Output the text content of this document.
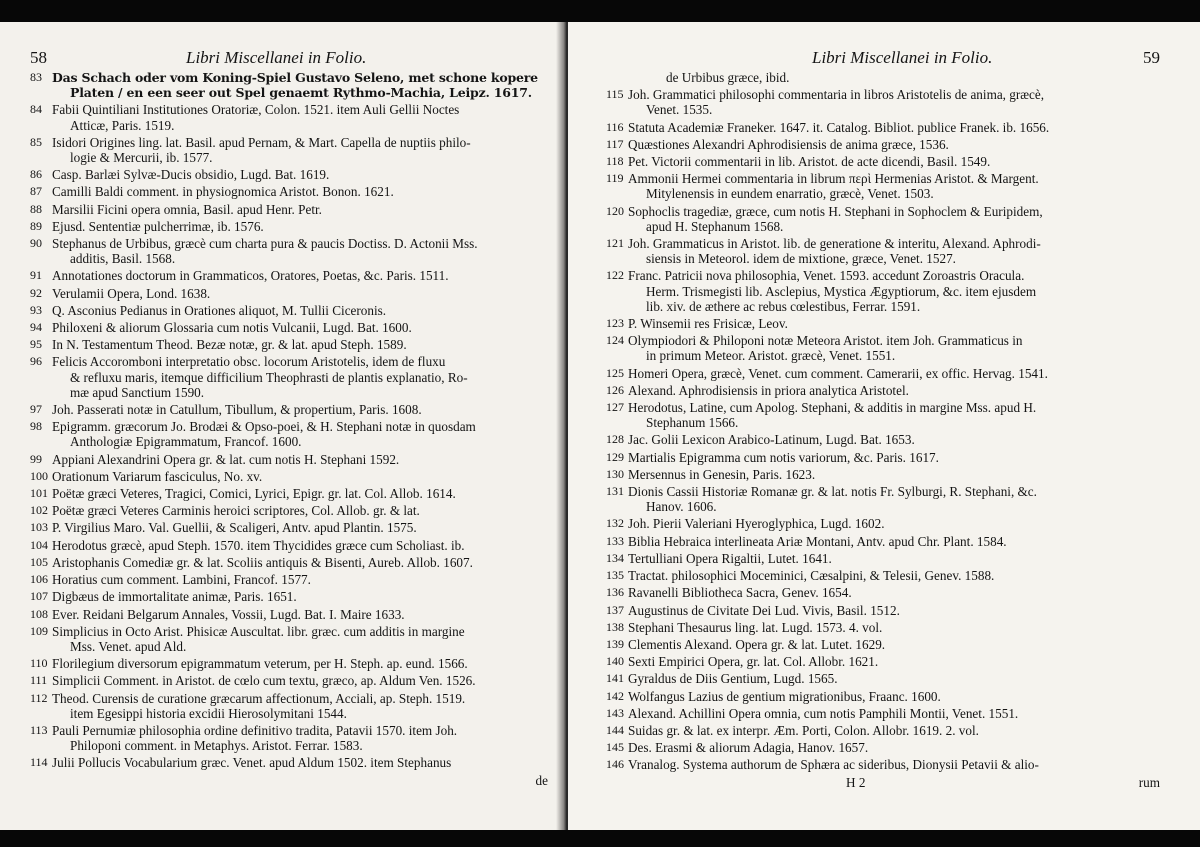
58	Libri Miscellanei in Folio.
83 Das Schach oder vom Koning-Spiel Gustavo Seleno, met schone kopere
Platen / en een seer out Spel genaemt Rythmo-Machia, Leipz. 1617.
84 Fabii Quintiliani Institutiones Oratoriæ, Colon. 1521. item Auli Gellii Noctes
Atticæ, Paris. 1519.
85 Isidori Origines ling. lat. Basil. apud Pernam, & Mart. Capella de nuptiis philo-
logie & Mercurii, ib. 1577.
86 Casp. Barlæi Sylvæ-Ducis obsidio, Lugd. Bat. 1619.
87 Camilli Baldi comment. in physiognomica Aristot. Bonon. 1621.
88 Marsilii Ficini opera omnia, Basil. apud Henr. Petr.
89 Ejusd. Sententiæ pulcherrimæ, ib. 1576.
90 Stephanus de Urbibus, græcè cum charta pura & paucis Doctiss. D. Actonii Mss.
additis, Basil. 1568.
91 Annotationes doctorum in Grammaticos, Oratores, Poetas, &c. Paris. 1511.
92 Verulamii Opera, Lond. 1638.
93 Q. Asconius Pedianus in Orationes aliquot, M. Tullii Ciceronis.
94 Philoxeni & aliorum Glossaria cum notis Vulcanii, Lugd. Bat. 1600.
95 In N. Testamentum Theod. Bezæ notæ, gr. & lat. apud Steph. 1589.
96 Felicis Accoromboni interpretatio obsc. locorum Aristotelis, idem de fluxu
& refluxu maris, itemque difficilium Theophrasti de plantis explanatio, Ro-
mæ apud Sanctium 1590.
97 Joh. Passerati notæ in Catullum, Tibullum, & propertium, Paris. 1608.
98 Epigramm. græcorum Jo. Brodæi & Opso-poei, & H. Stephani notæ in quosdam
Anthologiæ Epigrammatum, Francof. 1600.
99 Appiani Alexandrini Opera gr. & lat. cum notis H. Stephani 1592.
100 Orationum Variarum fasciculus, No. xv.
101 Poëtæ græci Veteres, Tragici, Comici, Lyrici, Epigr. gr. lat. Col. Allob. 1614.
102 Poëtæ græci Veteres Carminis heroici scriptores, Col. Allob. gr. & lat.
103 P. Virgilius Maro. Val. Guellii, & Scaligeri, Antv. apud Plantin. 1575.
104 Herodotus græcè, apud Steph. 1570. item Thycidides græce cum Scholiast. ib.
105 Aristophanis Comediæ gr. & lat. Scoliis antiquis & Bisenti, Aureb. Allob. 1607.
106 Horatius cum comment. Lambini, Francof. 1577.
107 Digbæus de immortalitate animæ, Paris. 1651.
108 Ever. Reidani Belgarum Annales, Vossii, Lugd. Bat. I. Maire 1633.
109 Simplicius in Octo Arist. Phisicæ Auscultat. libr. græc. cum additis in margine
Mss. Venet. apud Ald.
110 Florilegium diversorum epigrammatum veterum, per H. Steph. ap. eund. 1566.
111 Simplicii Comment. in Aristot. de cœlo cum textu, græco, ap. Aldum Ven. 1526.
112 Theod. Curensis de curatione græcarum affectionum, Acciali, ap. Steph. 1519.
item Egesippi historia excidii Hierosolymitani 1544.
113 Pauli Pernumiæ philosophia ordine definitivo tradita, Patavii 1570. item Joh.
Philoponi comment. in Metaphys. Aristot. Ferrar. 1583.
114 Julii Pollucis Vocabularium græc. Venet. apud Aldum 1502. item Stephanus
de
Libri Miscellanei in Folio.	59
de Urbibus græce, ibid.
115 Joh. Grammatici philosophi commentaria in libros Aristotelis de anima, græcè,
Venet. 1535.
116 Statuta Academiæ Franeker. 1647. it. Catalog. Bibliot. publice Franek. ib. 1656.
117 Quæstiones Alexandri Aphrodisiensis de anima græce, 1536.
118 Pet. Victorii commentarii in lib. Aristot. de acte dicendi, Basil. 1549.
119 Ammonii Hermei commentaria in librum περὶ Hermenias Aristot. & Margent.
Mitylenensis in eundem enarratio, græcè, Venet. 1503.
120 Sophoclis tragediæ, græce, cum notis H. Stephani in Sophoclem & Euripidem,
apud H. Stephanum 1568.
121 Joh. Grammaticus in Aristot. lib. de generatione & interitu, Alexand. Aphrodi-
siensis in Meteorol. idem de mixtione, græce, Venet. 1527.
122 Franc. Patricii nova philosophia, Venet. 1593. accedunt Zoroastris Oracula.
Herm. Trismegisti lib. Asclepius, Mystica Ægyptiorum, &c. item ejusdem
lib. xiv. de æthere ac rebus cœlestibus, Ferrar. 1591.
123 P. Winsemii res Frisicæ, Leov.
124 Olympiodori & Philoponi notæ Meteora Aristot. item Joh. Grammaticus in
in primum Meteor. Aristot. græcè, Venet. 1551.
125 Homeri Opera, græcè, Venet. cum comment. Camerarii, ex offic. Hervag. 1541.
126 Alexand. Aphrodisiensis in priora analytica Aristotel.
127 Herodotus, Latine, cum Apolog. Stephani, & additis in margine Mss. apud H.
Stephanum 1566.
128 Jac. Golii Lexicon Arabico-Latinum, Lugd. Bat. 1653.
129 Martialis Epigramma cum notis variorum, &c. Paris. 1617.
130 Mersennus in Genesin, Paris. 1623.
131 Dionis Cassii Historiæ Romanæ gr. & lat. notis Fr. Sylburgi, R. Stephani, &c.
Hanov. 1606.
132 Joh. Pierii Valeriani Hyeroglyphica, Lugd. 1602.
133 Biblia Hebraica interlineata Ariæ Montani, Antv. apud Chr. Plant. 1584.
134 Tertulliani Opera Rigaltii, Lutet. 1641.
135 Tractat. philosophici Moceminici, Cæsalpini, & Telesii, Genev. 1588.
136 Ravanelli Bibliotheca Sacra, Genev. 1654.
137 Augustinus de Civitate Dei Lud. Vivis, Basil. 1512.
138 Stephani Thesaurus ling. lat. Lugd. 1573. 4. vol.
139 Clementis Alexand. Opera gr. & lat. Lutet. 1629.
140 Sexti Empirici Opera, gr. lat. Col. Allobr. 1621.
141 Gyraldus de Diis Gentium, Lugd. 1565.
142 Wolfangus Lazius de gentium migrationibus, Fraanc. 1600.
143 Alexand. Achillini Opera omnia, cum notis Pamphili Montii, Venet. 1551.
144 Suidas gr. & lat. ex interpr. Æm. Porti, Colon. Allobr. 1619. 2. vol.
145 Des. Erasmi & aliorum Adagia, Hanov. 1657.
146 Vranalog. Systema authorum de Sphæra ac sideribus, Dionysii Petavii & alio-
H 2	rum
